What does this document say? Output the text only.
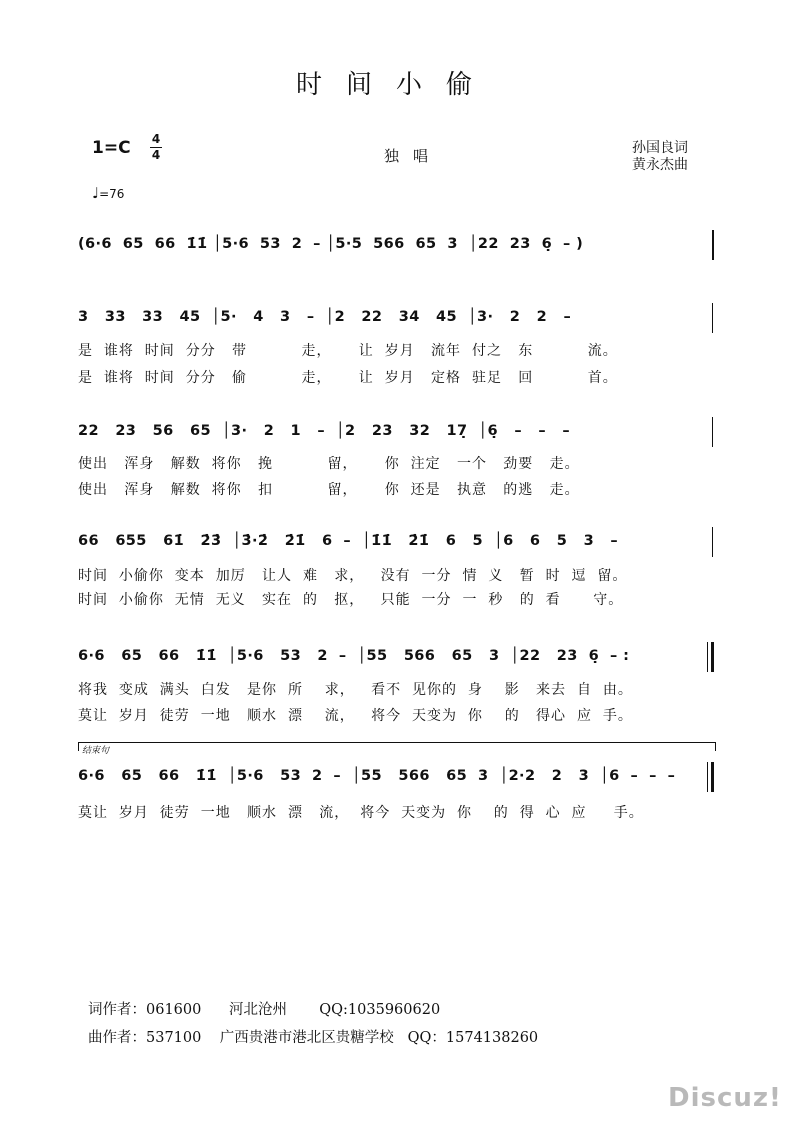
时间小偷
1=C 4
4	独唱	孙国良词
黄永杰曲
♩=76
(6·6  65  66  1̇1̇ │5·6  53  2  – │5·5  566  65  3  │22  23  6̣  – )
3   33   33   45  │5·   4   3   –  │2   22   34   45  │3·   2   2   –
是  谁将  时间  分分   带          走，     让  岁月   流年  付之   东          流。
是  谁将  时间  分分   偷          走，     让  岁月   定格  驻足   回          首。
22   23   56   65  │3·   2   1   –  │2   23   32   17̣  │6̣   –   –   –
使出   浑身   解数  将你   挽          留，     你  注定   一个   劲要   走。
使出   浑身   解数  将你   扣          留，     你  还是   执意   的逃   走。
66   655   61̇   2̇3̇  │3̇·2̇   2̇1̇   6  –  │1̇1̇   2̇1̇   6   5  │6   6   5   3   –
时间  小偷你  变本  加厉   让人  难   求，   没有  一分  情  义   暂  时  逗  留。
时间  小偷你  无情  无义   实在  的   抠，   只能  一分  一  秒   的  看      守。
6·6   65   66   1̇1̇  │5·6   53   2  –  │55   566   65   3  │22   23  6̣  – :
将我  变成  满头  白发   是你  所    求，   看不  见你的  身    影   来去  自  由。
莫让  岁月  徒劳  一地   顺水  漂    流，   将今  天变为  你    的   得心  应  手。
结束句
6·6   65   66   1̇1̇  │5·6   53  2  –  │55   566   65  3  │2·2   2   3  │6  –  –  –
莫让  岁月  徒劳  一地   顺水  漂   流，  将今  天变为  你    的  得  心  应     手。
词作者：061600      河北沧州       QQ:1035960620
曲作者：537100    广西贵港市港北区贵糖学校   QQ：1574138260
Discuz!
